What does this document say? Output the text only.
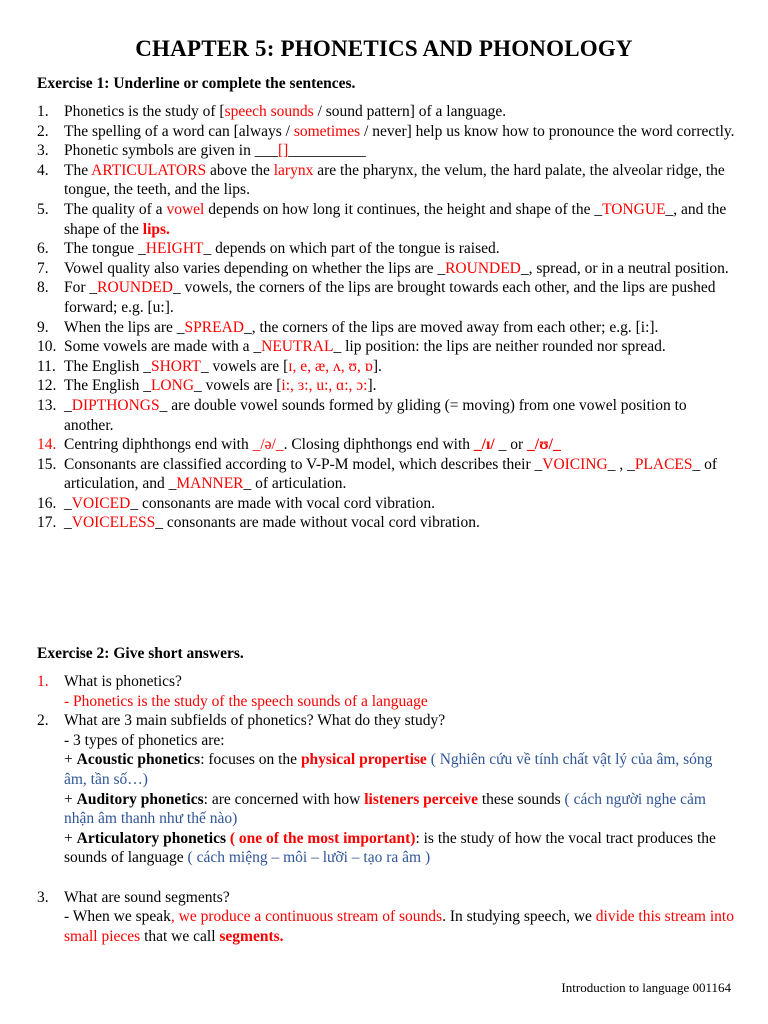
CHAPTER 5: PHONETICS AND PHONOLOGY
Exercise 1: Underline or complete the sentences.
1. Phonetics is the study of [speech sounds / sound pattern] of a language.
2. The spelling of a word can [always / sometimes / never] help us know how to pronounce the word correctly.
3. Phonetic symbols are given in ___[]__________
4. The ARTICULATORS above the larynx are the pharynx, the velum, the hard palate, the alveolar ridge, the tongue, the teeth, and the lips.
5. The quality of a vowel depends on how long it continues, the height and shape of the _TONGUE_, and the shape of the lips.
6. The tongue _HEIGHT_ depends on which part of the tongue is raised.
7. Vowel quality also varies depending on whether the lips are _ROUNDED_, spread, or in a neutral position.
8. For _ROUNDED_ vowels, the corners of the lips are brought towards each other, and the lips are pushed forward; e.g. [u:].
9. When the lips are _SPREAD_, the corners of the lips are moved away from each other; e.g. [i:].
10. Some vowels are made with a _NEUTRAL_ lip position: the lips are neither rounded nor spread.
11. The English _SHORT_ vowels are [ɪ, e, æ, ʌ, ʊ, ɒ].
12. The English _LONG_ vowels are [i:, ɜ:, u:, ɑ:, ɔ:].
13. _DIPTHONGS_ are double vowel sounds formed by gliding (= moving) from one vowel position to another.
14. Centring diphthongs end with _/ə/_. Closing diphthongs end with _/ɪ/ _ or _/ʊ/_
15. Consonants are classified according to V-P-M model, which describes their _VOICING_ , _PLACES_ of articulation, and _MANNER_ of articulation.
16. _VOICED_ consonants are made with vocal cord vibration.
17. _VOICELESS_ consonants are made without vocal cord vibration.
Exercise 2: Give short answers.
1. What is phonetics?
- Phonetics is the study of the speech sounds of a language
2. What are 3 main subfields of phonetics? What do they study?
- 3 types of phonetics are:
+ Acoustic phonetics: focuses on the physical propertise ( Nghiên cứu về tính chất vật lý của âm, sóng âm, tần số…)
+ Auditory phonetics: are concerned with how listeners perceive these sounds ( cách người nghe cảm nhận âm thanh như thế nào)
+ Articulatory phonetics ( one of the most important): is the study of how the vocal tract produces the sounds of language ( cách miệng – môi – lưỡi – tạo ra âm )
3. What are sound segments?
- When we speak, we produce a continuous stream of sounds. In studying speech, we divide this stream into small pieces that we call segments.
Introduction to language 001164
